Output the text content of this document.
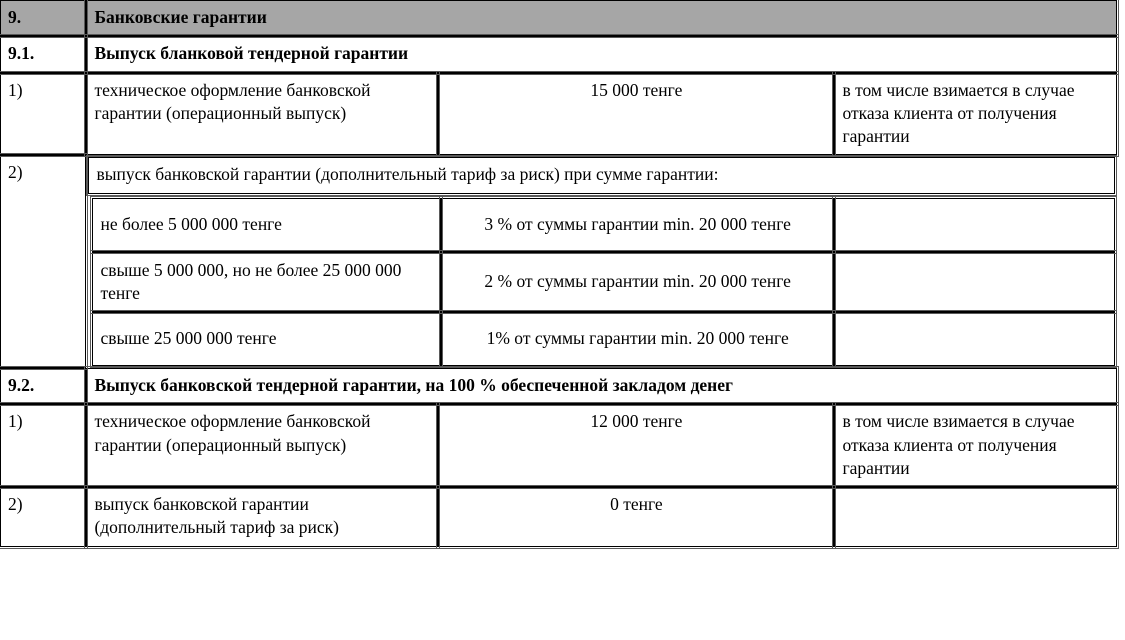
9.	Банковские гарантии
9.1.	Выпуск бланковой тендерной гарантии
1)	техническое оформление банковской гарантии (операционный выпуск)	15 000 тенге	в том числе взимается в случае отказа клиента от получения гарантии
2)	выпуск банковской гарантии (дополнительный тариф за риск) при сумме гарантии:
не более 5 000 000 тенге	3 % от суммы гарантии min. 20 000 тенге	
свыше 5 000 000, но не более 25 000 000 тенге	2 % от суммы гарантии min. 20 000 тенге	
свыше 25 000 000 тенге	1% от суммы гарантии min. 20 000 тенге	

9.2.	Выпуск банковской тендерной гарантии, на 100 % обеспеченной закладом денег
1)	техническое оформление банковской гарантии (операционный выпуск)	12 000 тенге	в том числе взимается в случае отказа клиента от получения гарантии
2)	выпуск банковской гарантии (дополнительный тариф за риск)	0 тенге	
